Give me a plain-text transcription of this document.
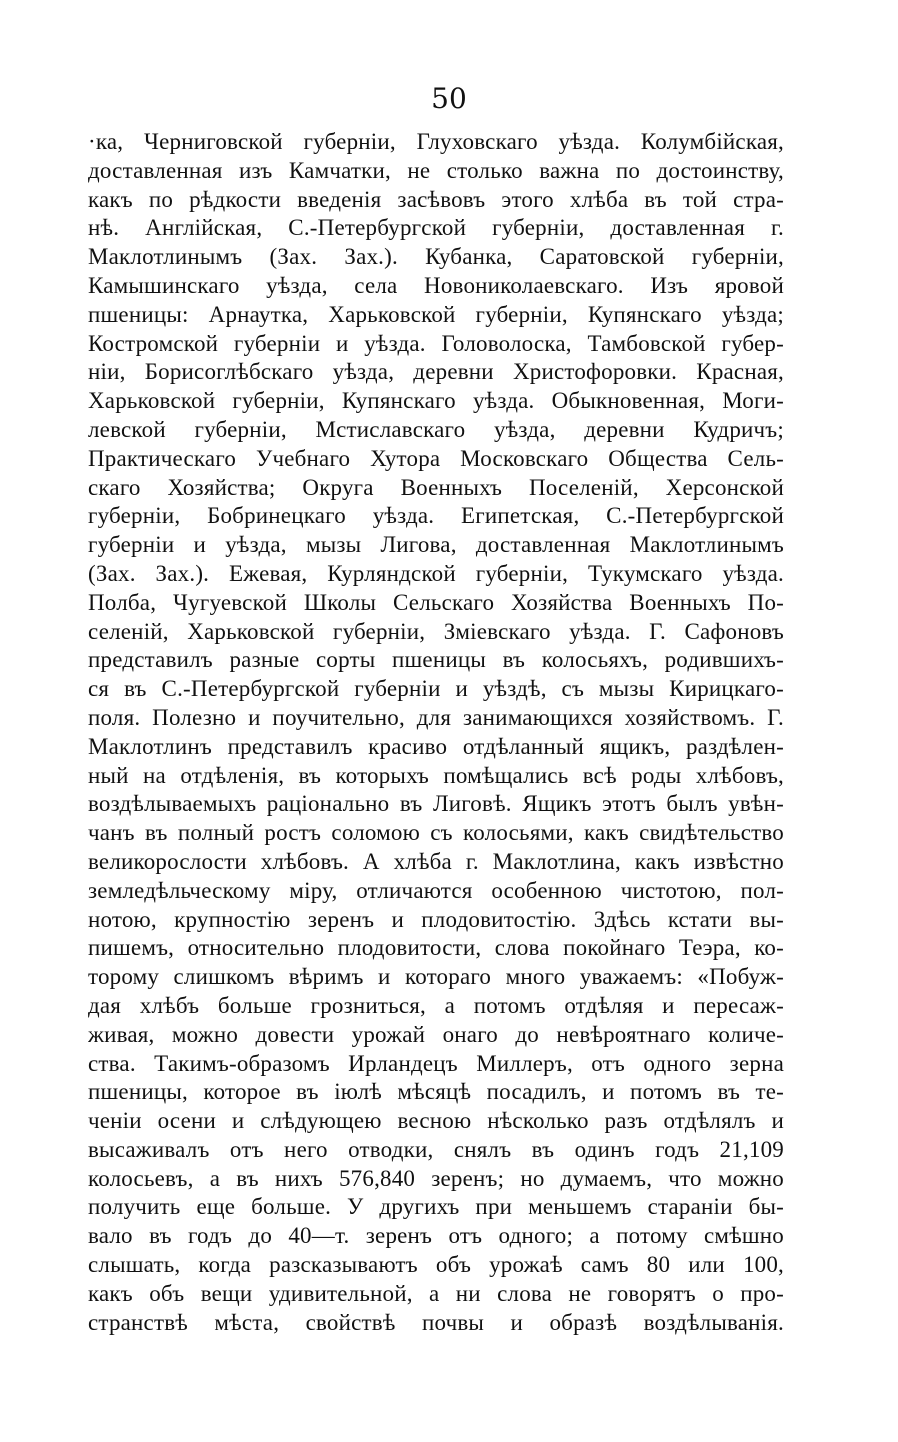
50
·ка, Черниговской губернiи, Глуховскаго уѣзда. Колумбiйская,
доставленная изъ Камчатки, не столько важна по достоинству,
какъ по рѣдкости введенiя засѣвовъ этого хлѣба въ той стра-
нѣ. Англiйская, С.-Петербургской губернiи, доставленная г.
Маклотлинымъ (Зах. Зах.). Кубанка, Саратовской губернiи,
Камышинскаго уѣзда, села Новониколаевскаго. Изъ яровой
пшеницы: Арнаутка, Харьковской губернiи, Купянскаго уѣзда;
Костромской губернiи и уѣзда. Головолоска, Тамбовской губер-
нiи, Борисоглѣбскаго уѣзда, деревни Христофоровки. Красная,
Харьковской губернiи, Купянскаго уѣзда. Обыкновенная, Моги-
левской губернiи, Мстиславскаго уѣзда, деревни Кудричъ;
Практическаго Учебнаго Хутора Московскаго Общества Сель-
скаго Хозяйства; Округа Военныхъ Поселенiй, Херсонской
губернiи, Бобринецкаго уѣзда. Египетская, С.-Петербургской
губернiи и уѣзда, мызы Лигова, доставленная Маклотлинымъ
(Зах. Зах.). Ежевая, Курляндской губернiи, Тукумскаго уѣзда.
Полба, Чугуевской Школы Сельскаго Хозяйства Военныхъ По-
селенiй, Харьковской губернiи, Змiевскаго уѣзда. Г. Сафоновъ
представилъ разные сорты пшеницы въ колосьяхъ, родившихъ-
ся въ С.-Петербургской губернiи и уѣздѣ, съ мызы Кирицкаго-
поля. Полезно и поучительно, для занимающихся хозяйствомъ. Г.
Маклотлинъ представилъ красиво отдѣланный ящикъ, раздѣлен-
ный на отдѣленiя, въ которыхъ помѣщались всѣ роды хлѣбовъ,
воздѣлываемыхъ рацiонально въ Лиговѣ. Ящикъ этотъ былъ увѣн-
чанъ въ полный ростъ соломою съ колосьями, какъ свидѣтельство
великорослости хлѣбовъ. А хлѣба г. Маклотлина, какъ извѣстно
земледѣльческому мiру, отличаются особенною чистотою, пол-
нотою, крупностiю зеренъ и плодовитостiю. Здѣсь кстати вы-
пишемъ, относительно плодовитости, слова покойнаго Теэра, ко-
торому слишкомъ вѣримъ и котораго много уважаемъ: «Побуж-
дая хлѣбъ больше грозниться, а потомъ отдѣляя и пересаж-
живая, можно довести урожай онаго до невѣроятнаго количе-
ства. Такимъ-образомъ Ирландецъ Миллеръ, отъ одного зерна
пшеницы, которое въ iюлѣ мѣсяцѣ посадилъ, и потомъ въ те-
ченiи осени и слѣдующею весною нѣсколько разъ отдѣлялъ и
высаживалъ отъ него отводки, снялъ въ одинъ годъ 21,109
колосьевъ, а въ нихъ 576,840 зеренъ; но думаемъ, что можно
получить еще больше. У другихъ при меньшемъ старанiи бы-
вало въ годъ до 40—т. зеренъ отъ одного; а потому смѣшно
слышать, когда разсказываютъ объ урожаѣ самъ 80 или 100,
какъ объ вещи удивительной, а ни слова не говорятъ о про-
странствѣ мѣста, свойствѣ почвы и образѣ воздѣлыванiя.
